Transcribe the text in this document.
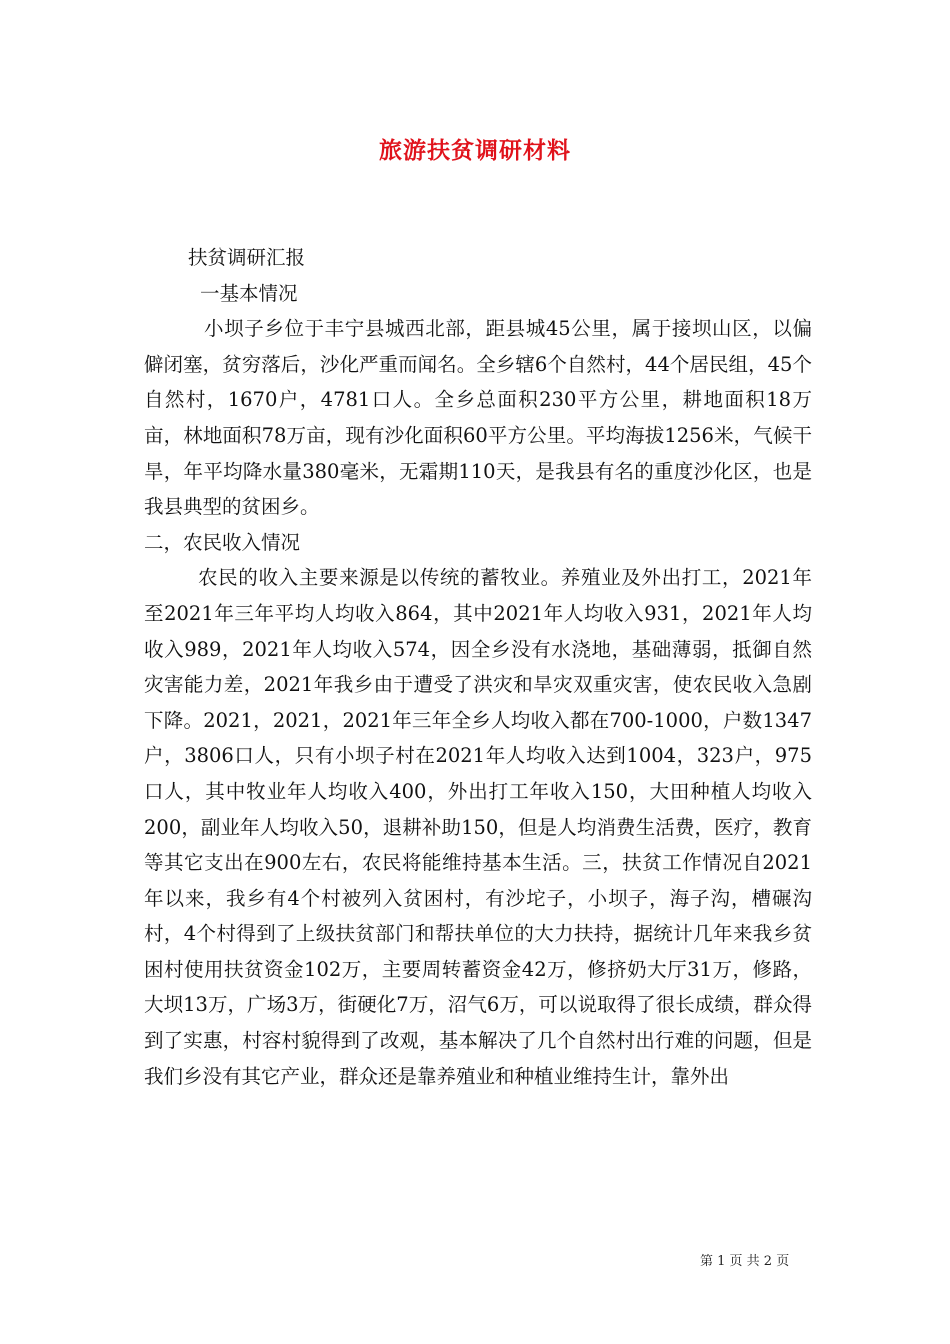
旅游扶贫调研材料

扶贫调研汇报

一基本情况

小坝子乡位于丰宁县城西北部，距县城45公里，属于接坝山区，以偏僻闭塞，贫穷落后，沙化严重而闻名。全乡辖6个自然村，44个居民组，45个自然村，1670户，4781口人。全乡总面积230平方公里，耕地面积18万亩，林地面积78万亩，现有沙化面积60平方公里。平均海拔1256米，气候干旱，年平均降水量380毫米，无霜期110天，是我县有名的重度沙化区，也是我县典型的贫困乡。

二，农民收入情况

农民的收入主要来源是以传统的蓄牧业。养殖业及外出打工，2021年至2021年三年平均人均收入864，其中2021年人均收入931，2021年人均收入989，2021年人均收入574，因全乡没有水浇地，基础薄弱，抵御自然灾害能力差，2021年我乡由于遭受了洪灾和旱灾双重灾害，使农民收入急剧下降。2021，2021，2021年三年全乡人均收入都在700-1000，户数1347户，3806口人，只有小坝子村在2021年人均收入达到1004，323户，975口人，其中牧业年人均收入400，外出打工年收入150，大田种植人均收入200，副业年人均收入50，退耕补助150，但是人均消费生活费，医疗，教育等其它支出在900左右，农民将能维持基本生活。三，扶贫工作情况自2021年以来，我乡有4个村被列入贫困村，有沙坨子，小坝子，海子沟，槽碾沟村，4个村得到了上级扶贫部门和帮扶单位的大力扶持，据统计几年来我乡贫困村使用扶贫资金102万，主要周转蓄资金42万，修挤奶大厅31万，修路，大坝13万，广场3万，街硬化7万，沼气6万，可以说取得了很长成绩，群众得到了实惠，村容村貌得到了改观，基本解决了几个自然村出行难的问题，但是我们乡没有其它产业，群众还是靠养殖业和种植业维持生计，靠外出

第 1 页 共 2 页
